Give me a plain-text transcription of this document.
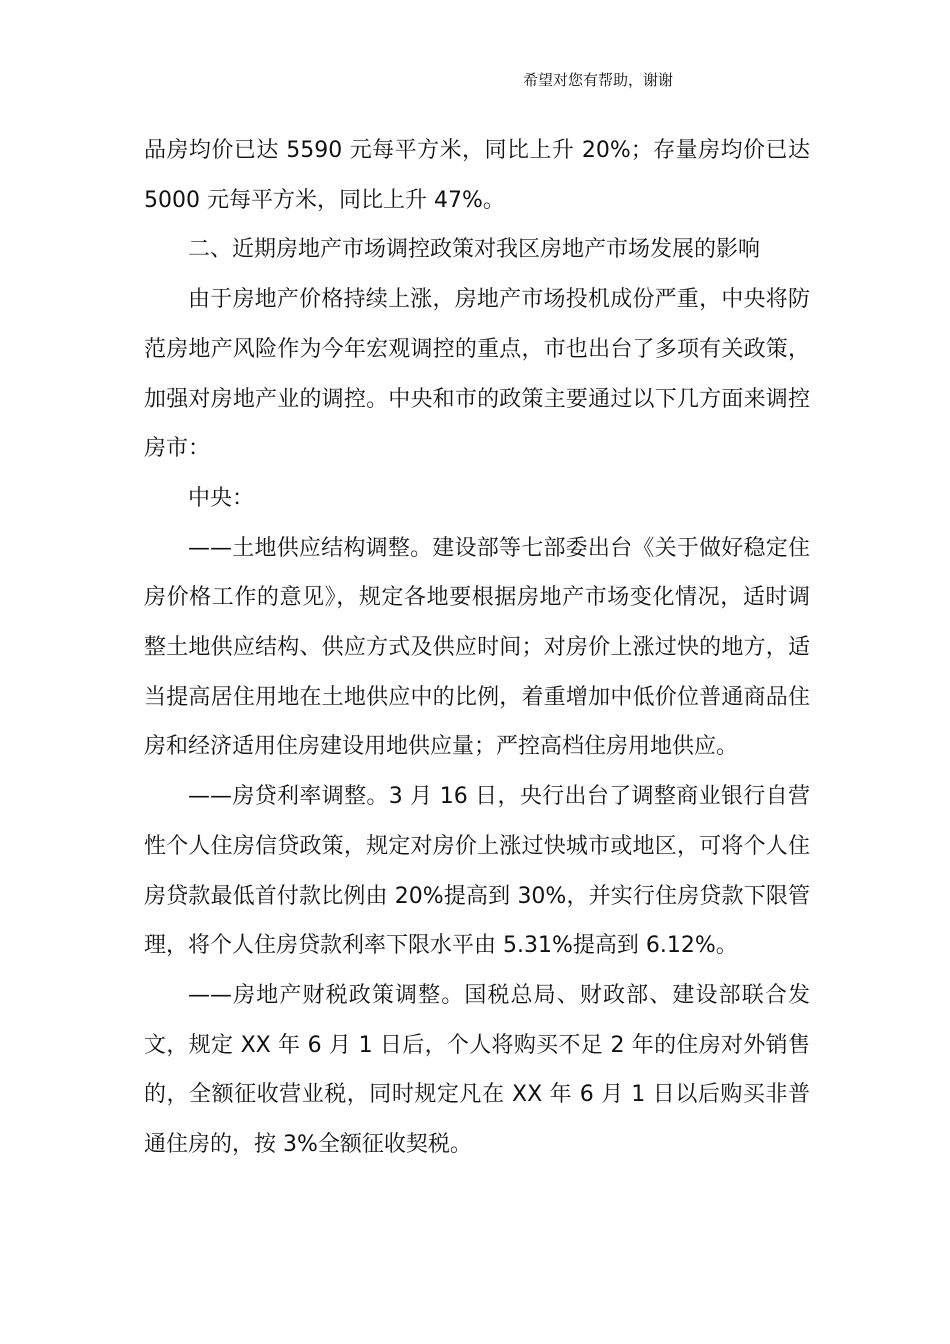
希望对您有帮助，谢谢

品房均价已达 5590 元每平方米，同比上升 20%；存量房均价已达 5000 元每平方米，同比上升 47%。

二、近期房地产市场调控政策对我区房地产市场发展的影响

由于房地产价格持续上涨，房地产市场投机成份严重，中央将防范房地产风险作为今年宏观调控的重点，市也出台了多项有关政策，加强对房地产业的调控。中央和市的政策主要通过以下几方面来调控房市：

中央：

——土地供应结构调整。建设部等七部委出台《关于做好稳定住房价格工作的意见》，规定各地要根据房地产市场变化情况，适时调整土地供应结构、供应方式及供应时间；对房价上涨过快的地方，适当提高居住用地在土地供应中的比例，着重增加中低价位普通商品住房和经济适用住房建设用地供应量；严控高档住房用地供应。

——房贷利率调整。3 月 16 日，央行出台了调整商业银行自营性个人住房信贷政策，规定对房价上涨过快城市或地区，可将个人住房贷款最低首付款比例由 20%提高到 30%，并实行住房贷款下限管理，将个人住房贷款利率下限水平由 5.31%提高到 6.12%。

——房地产财税政策调整。国税总局、财政部、建设部联合发文，规定 XX 年 6 月 1 日后，个人将购买不足 2 年的住房对外销售的，全额征收营业税，同时规定凡在 XX 年 6 月 1 日以后购买非普通住房的，按 3%全额征收契税。
